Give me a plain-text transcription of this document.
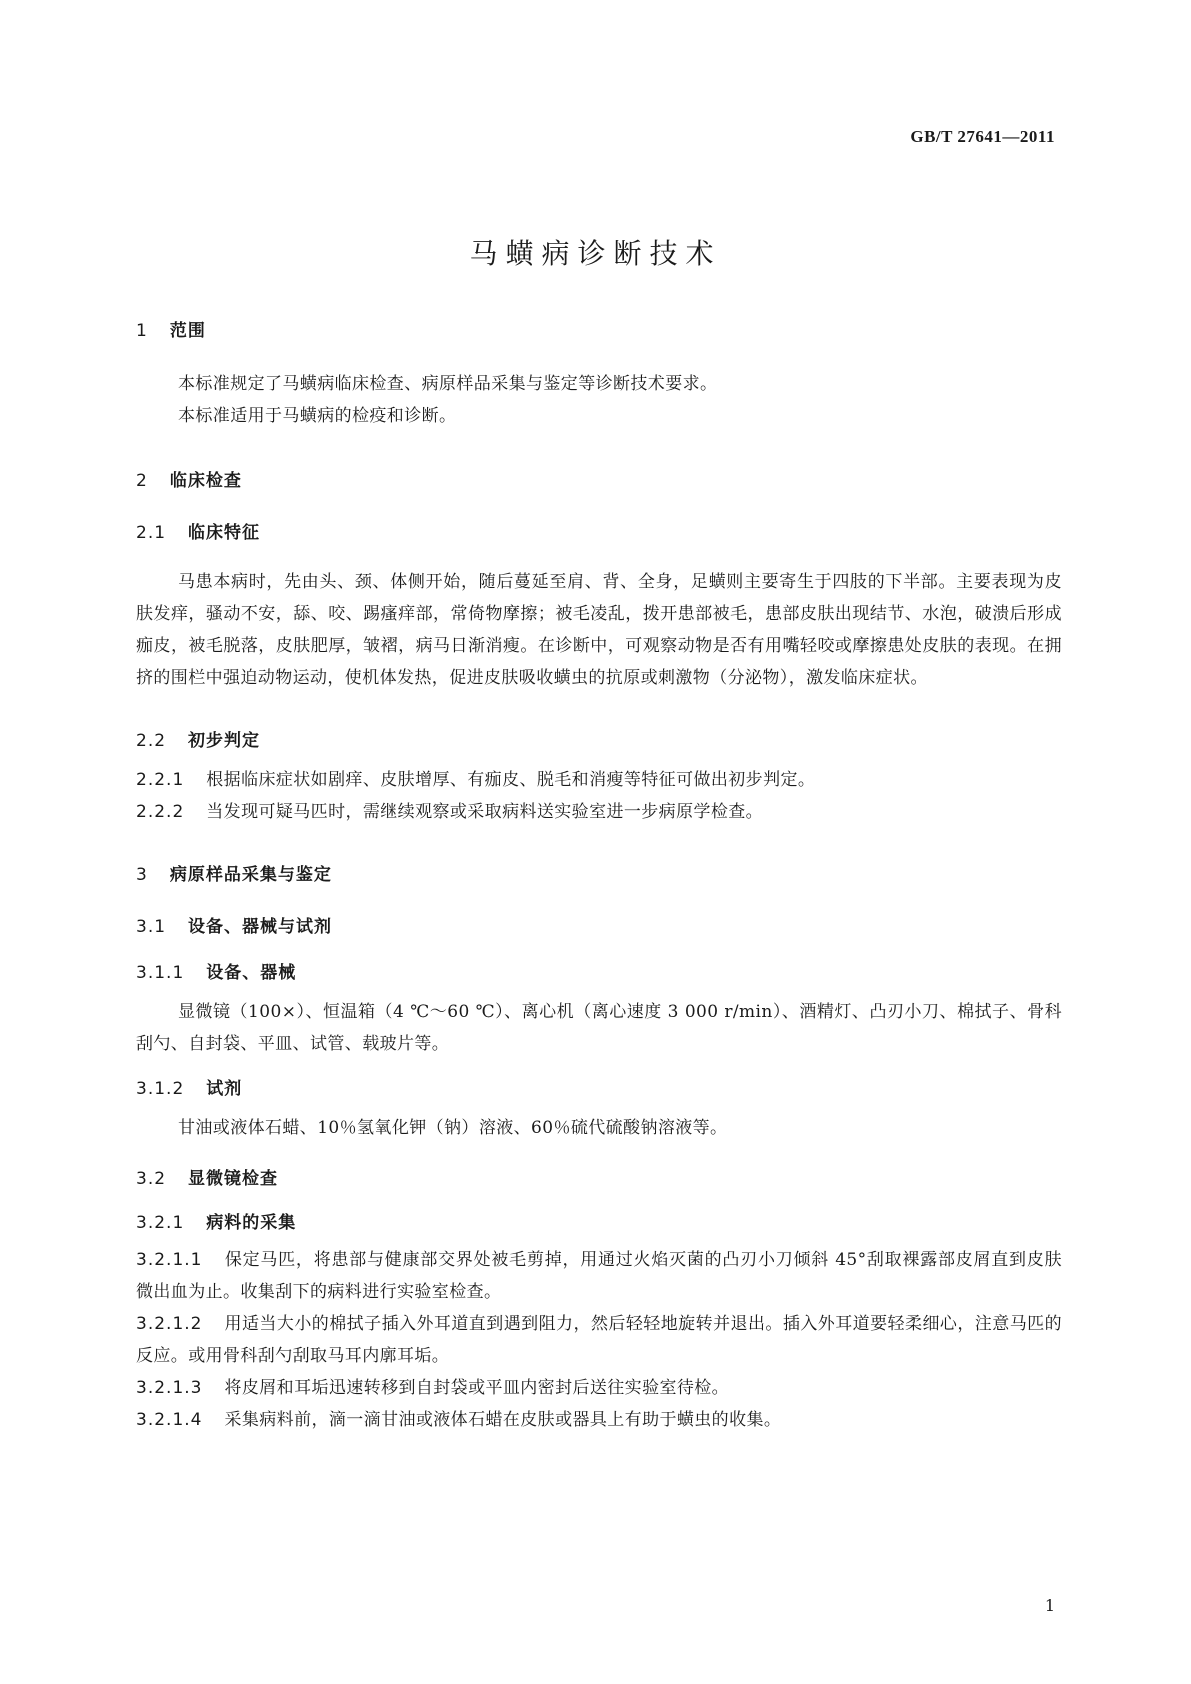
GB/T 27641—2011
马蟥病诊断技术
1 范围
本标准规定了马蟥病临床检查、病原样品采集与鉴定等诊断技术要求。
本标准适用于马蟥病的检疫和诊断。
2 临床检查
2.1 临床特征
马患本病时，先由头、颈、体侧开始，随后蔓延至肩、背、全身，足蟥则主要寄生于四肢的下半部。主要表现为皮肤发痒，骚动不安，舔、咬、踢瘙痒部，常倚物摩擦；被毛凌乱，拨开患部被毛，患部皮肤出现结节、水泡，破溃后形成痂皮，被毛脱落，皮肤肥厚，皱褶，病马日渐消瘦。在诊断中，可观察动物是否有用嘴轻咬或摩擦患处皮肤的表现。在拥挤的围栏中强迫动物运动，使机体发热，促进皮肤吸收蟥虫的抗原或刺激物（分泌物），激发临床症状。
2.2 初步判定
2.2.1 根据临床症状如剧痒、皮肤增厚、有痂皮、脱毛和消瘦等特征可做出初步判定。
2.2.2 当发现可疑马匹时，需继续观察或采取病料送实验室进一步病原学检查。
3 病原样品采集与鉴定
3.1 设备、器械与试剂
3.1.1 设备、器械
显微镜（100×）、恒温箱（4 ℃～60 ℃）、离心机（离心速度 3 000 r/min）、酒精灯、凸刃小刀、棉拭子、骨科刮勺、自封袋、平皿、试管、载玻片等。
3.1.2 试剂
甘油或液体石蜡、10％氢氧化钾（钠）溶液、60％硫代硫酸钠溶液等。
3.2 显微镜检查
3.2.1 病料的采集
3.2.1.1 保定马匹，将患部与健康部交界处被毛剪掉，用通过火焰灭菌的凸刃小刀倾斜 45°刮取裸露部皮屑直到皮肤微出血为止。收集刮下的病料进行实验室检查。
3.2.1.2 用适当大小的棉拭子插入外耳道直到遇到阻力，然后轻轻地旋转并退出。插入外耳道要轻柔细心，注意马匹的反应。或用骨科刮勺刮取马耳内廓耳垢。
3.2.1.3 将皮屑和耳垢迅速转移到自封袋或平皿内密封后送往实验室待检。
3.2.1.4 采集病料前，滴一滴甘油或液体石蜡在皮肤或器具上有助于蟥虫的收集。
1
